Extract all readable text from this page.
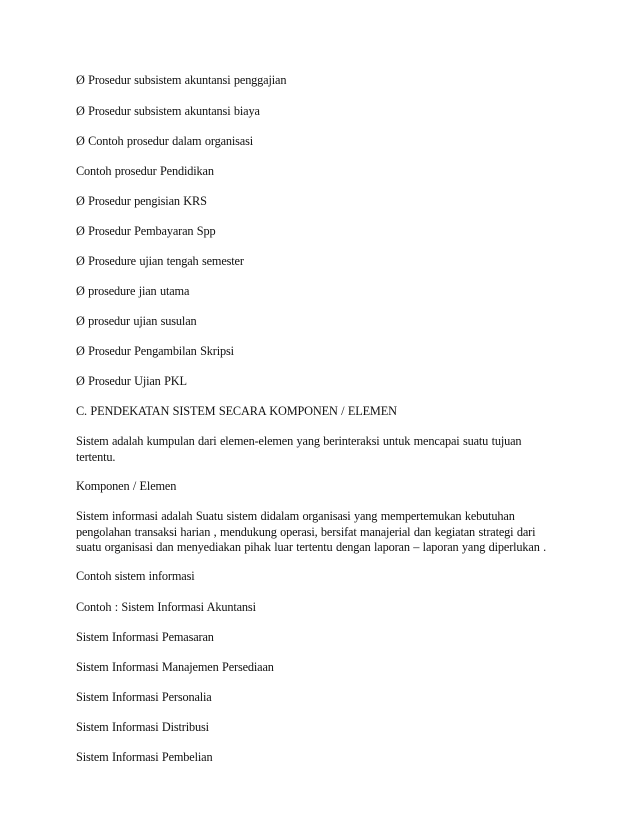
Ø Prosedur subsistem akuntansi penggajian
Ø Prosedur subsistem akuntansi biaya
Ø Contoh prosedur dalam organisasi
Contoh prosedur Pendidikan
Ø Prosedur pengisian KRS
Ø Prosedur Pembayaran Spp
Ø Prosedure ujian tengah semester
Ø prosedure jian utama
Ø prosedur ujian susulan
Ø Prosedur Pengambilan Skripsi
Ø Prosedur Ujian PKL
C. PENDEKATAN SISTEM SECARA KOMPONEN / ELEMEN
Sistem adalah kumpulan dari elemen-elemen yang berinteraksi untuk mencapai suatu tujuan
tertentu.
Komponen / Elemen
Sistem informasi adalah Suatu sistem didalam organisasi yang mempertemukan kebutuhan
pengolahan transaksi harian , mendukung operasi, bersifat manajerial dan kegiatan strategi dari
suatu organisasi dan menyediakan pihak luar tertentu dengan laporan – laporan yang diperlukan .
Contoh sistem informasi
Contoh : Sistem Informasi Akuntansi
Sistem Informasi Pemasaran
Sistem Informasi Manajemen Persediaan
Sistem Informasi Personalia
Sistem Informasi Distribusi
Sistem Informasi Pembelian
